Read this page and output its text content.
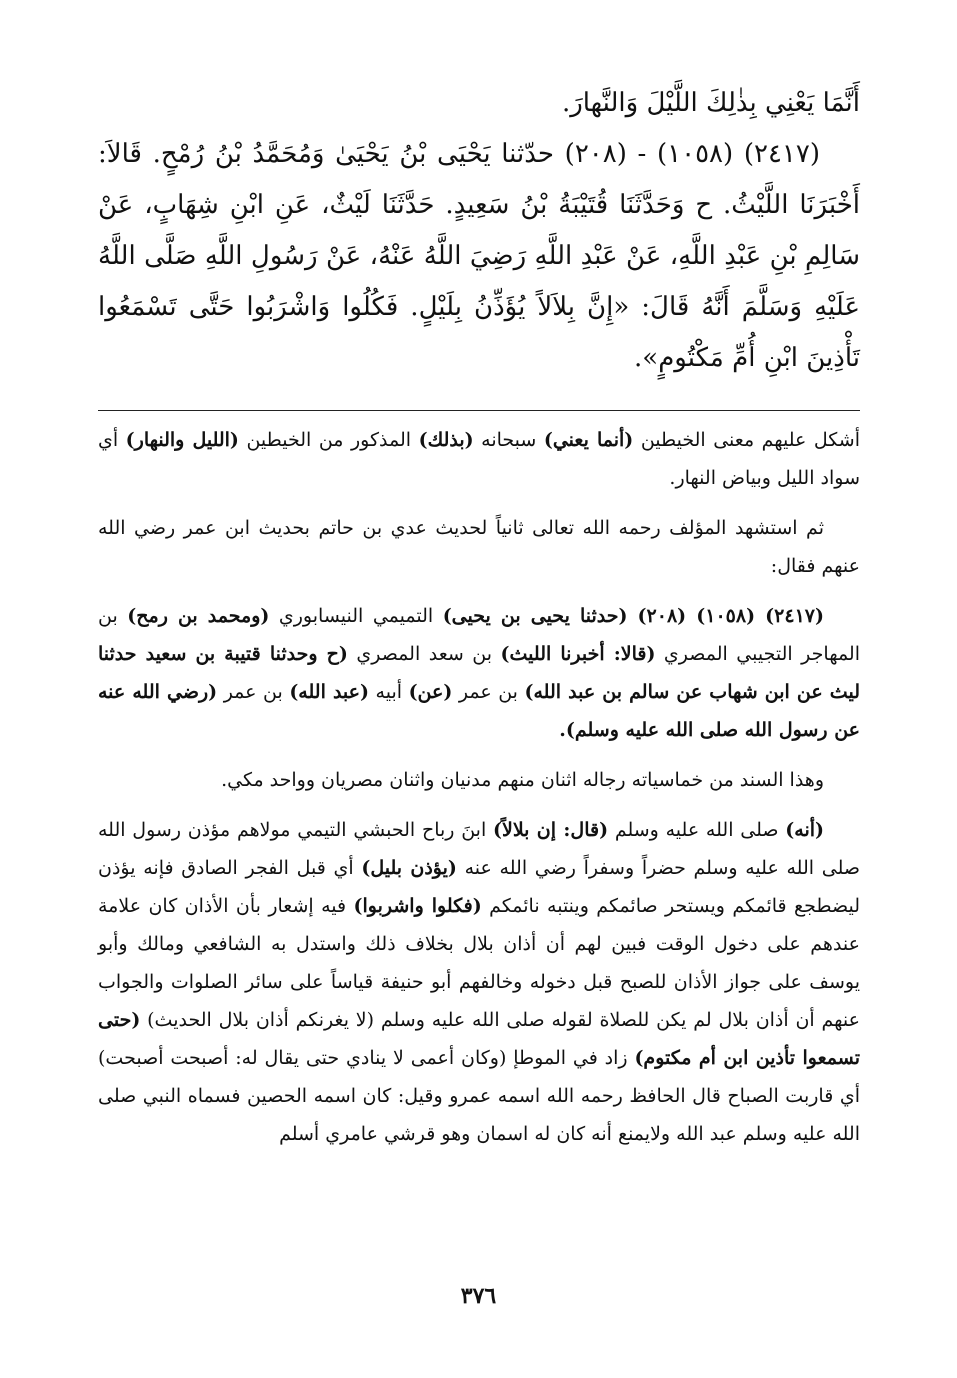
أَنَّمَا يَعْنِي بِذٰلِكَ اللَّيْلَ وَالنَّهارَ.

(٢٤١٧) (١٠٥٨) - (٢٠٨) حدّثنا يَحْيَى بْنُ يَحْيَىٰ وَمُحَمَّدُ بْنُ رُمْحٍ. قَالاَ: أَخْبَرَنَا اللَّيْثُ. ح وَحَدَّثَنَا قُتَيْبَةُ بْنُ سَعِيدٍ. حَدَّثَنَا لَيْثٌ، عَنِ ابْنِ شِهَابٍ، عَنْ سَالِمِ بْنِ عَبْدِ اللَّهِ، عَنْ عَبْدِ اللَّهِ رَضِيَ اللَّهُ عَنْهُ، عَنْ رَسُولِ اللَّهِ صَلَّى اللَّهُ عَلَيْهِ وَسَلَّمَ أَنَّهُ قَالَ: «إِنَّ بِلاَلاً يُؤَذِّنُ بِلَيْلٍ. فَكُلُوا وَاشْرَبُوا حَتَّى تَسْمَعُوا تَأْذِينَ ابْنِ أُمِّ مَكْتُومٍ».

أشكل عليهم معنى الخيطين (أنما يعني) سبحانه (بذلك) المذكور من الخيطين (الليل والنهار) أي سواد الليل وبياض النهار.

ثم استشهد المؤلف رحمه الله تعالى ثانياً لحديث عدي بن حاتم بحديث ابن عمر رضي الله عنهم فقال:

(٢٤١٧) (١٠٥٨) (٢٠٨) (حدثنا يحيى بن يحيى) التميمي النيسابوري (ومحمد بن رمح) بن المهاجر التجيبي المصري (قالا: أخبرنا الليث) بن سعد المصري (ح وحدثنا قتيبة بن سعيد حدثنا ليث عن ابن شهاب عن سالم بن عبد الله) بن عمر (عن) أبيه (عبد الله) بن عمر (رضي الله عنه عن رسول الله صلى الله عليه وسلم).

وهذا السند من خماسياته رجاله اثنان منهم مدنيان واثنان مصريان وواحد مكي.

(أنه) صلى الله عليه وسلم (قال: إن بلالاً) ابنَ رباح الحبشي التيمي مولاهم مؤذن رسول الله صلى الله عليه وسلم حضراً وسفراً رضي الله عنه (يؤذن بليل) أي قبل الفجر الصادق فإنه يؤذن ليضطجع قائمكم ويستحر صائمكم وينتبه نائمكم (فكلوا واشربوا) فيه إشعار بأن الأذان كان علامة عندهم على دخول الوقت فبين لهم أن أذان بلال بخلاف ذلك واستدل به الشافعي ومالك وأبو يوسف على جواز الأذان للصبح قبل دخوله وخالفهم أبو حنيفة قياساً على سائر الصلوات والجواب عنهم أن أذان بلال لم يكن للصلاة لقوله صلى الله عليه وسلم (لا يغرنكم أذان بلال الحديث) (حتى تسمعوا تأذين ابن أم مكتوم) زاد في الموطإ (وكان أعمى لا ينادي حتى يقال له: أصبحت أصبحت) أي قاربت الصباح قال الحافظ رحمه الله اسمه عمرو وقيل: كان اسمه الحصين فسماه النبي صلى الله عليه وسلم عبد الله ولايمنع أنه كان له اسمان وهو قرشي عامري أسلم

٣٧٦
